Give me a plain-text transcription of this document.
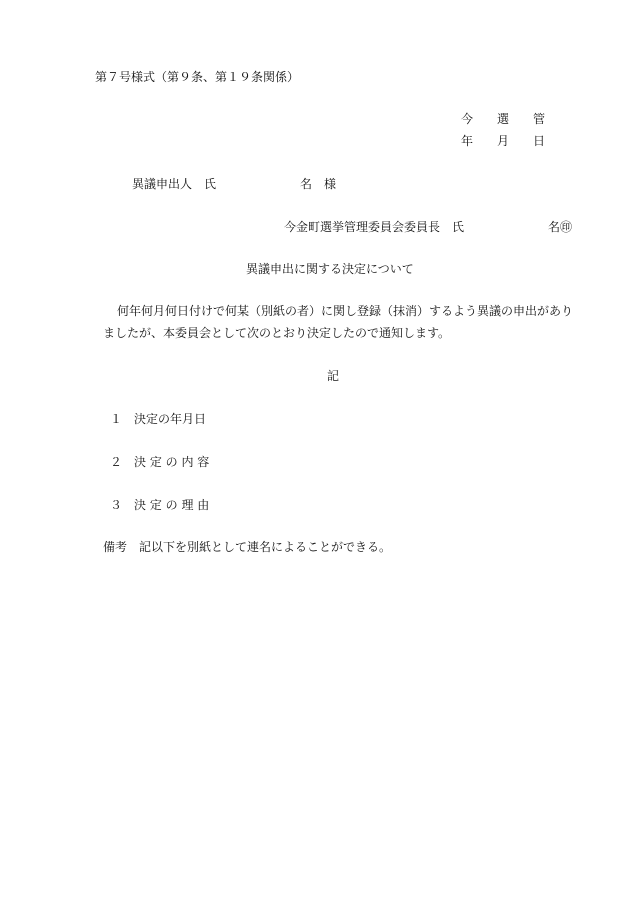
第７号様式（第９条、第１９条関係）
今　　選　　管
年　　月　　日
異議申出人　氏　　　　　　　名　様
今金町選挙管理委員会委員長　氏　　　　　　　名㊞
異議申出に関する決定について
何年何月何日付けで何某（別紙の者）に関し登録（抹消）するよう異議の申出があり
ましたが、本委員会として次のとおり決定したので通知します。
記
１　決定の年月日
２　決 定 の 内 容
３　決 定 の 理 由
備考　記以下を別紙として連名によることができる。
